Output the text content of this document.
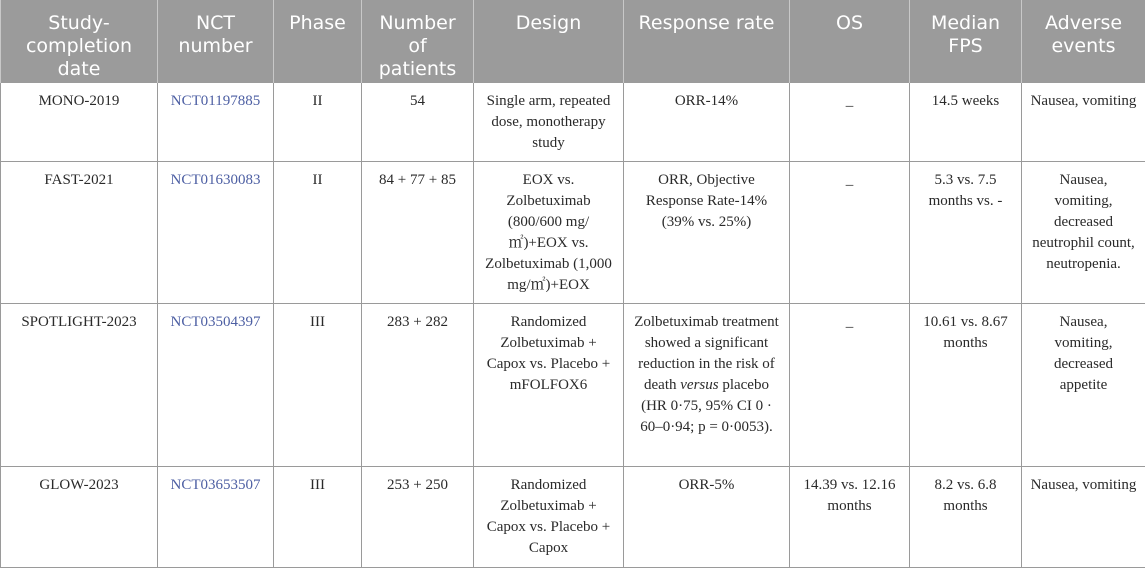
Study-completion date	NCT number	Phase	Number of patients	Design	Response rate	OS	Median FPS	Adverse events
MONO-2019	NCT01197885	II	54	Single arm, repeated dose, monotherapy study	ORR-14%	_	14.5 weeks	Nausea, vomiting
FAST-2021	NCT01630083	II	84 + 77 + 85	EOX vs. Zolbetuximab (800/600 mg/㎡)+EOX vs. Zolbetuximab (1,000 mg/㎡)+EOX	ORR, Objective Response Rate-14% (39% vs. 25%)	_	5.3 vs. 7.5 months vs. -	Nausea, vomiting, decreased neutrophil count, neutropenia.
SPOTLIGHT-2023	NCT03504397	III	283 + 282	Randomized Zolbetuximab + Capox vs. Placebo + mFOLFOX6	Zolbetuximab treatment showed a significant reduction in the risk of death versus placebo (HR 0·75, 95% CI 0 · 60–0·94; p = 0·0053).	_	10.61 vs. 8.67 months	Nausea, vomiting, decreased appetite
GLOW-2023	NCT03653507	III	253 + 250	Randomized Zolbetuximab + Capox vs. Placebo + Capox	ORR-5%	14.39 vs. 12.16 months	8.2 vs. 6.8 months	Nausea, vomiting
